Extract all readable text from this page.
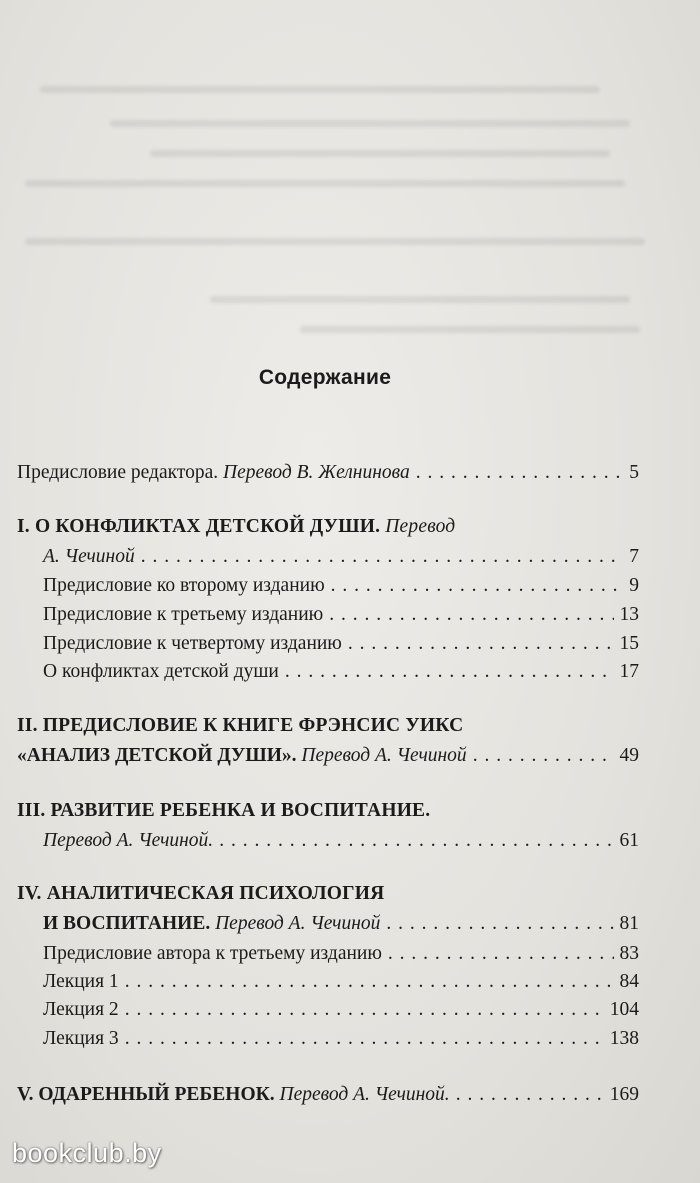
Содержание
Предисловие редактора. Перевод В. Желнинова . . .	5
I. О КОНФЛИКТАХ ДЕТСКОЙ ДУШИ. Перевод
А. Чечиной . . .	7
Предисловие ко второму изданию . . .	9
Предисловие к третьему изданию . . .	13
Предисловие к четвертому изданию . . .	15
О конфликтах детской души . . .	17
II. ПРЕДИСЛОВИЕ К КНИГЕ ФРЭНСИС УИКС
«АНАЛИЗ ДЕТСКОЙ ДУШИ». Перевод А. Чечиной . . .	49
III. РАЗВИТИЕ РЕБЕНКА И ВОСПИТАНИЕ.
Перевод А. Чечиной. . . .	61
IV. АНАЛИТИЧЕСКАЯ ПСИХОЛОГИЯ
И ВОСПИТАНИЕ. Перевод А. Чечиной . . .	81
Предисловие автора к третьему изданию . . .	83
Лекция 1 . . .	84
Лекция 2 . . .	104
Лекция 3 . . .	138
V. ОДАРЕННЫЙ РЕБЕНОК. Перевод А. Чечиной. . . .	169
bookclub.by
